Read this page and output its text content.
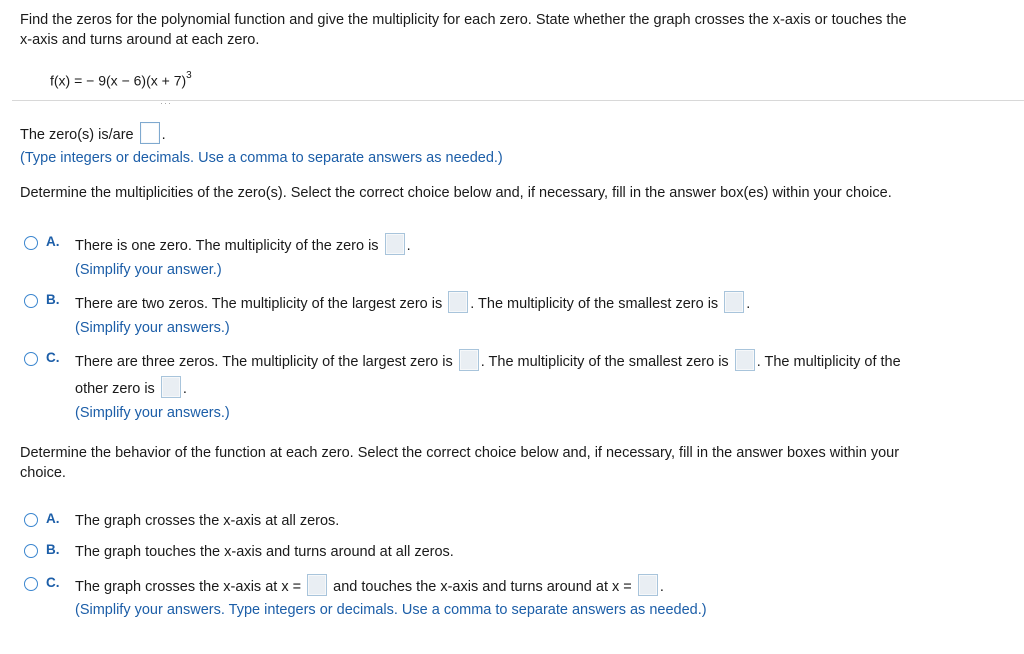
Find the zeros for the polynomial function and give the multiplicity for each zero. State whether the graph crosses the x-axis or touches the
x-axis and turns around at each zero.
f(x) = − $9(x - 6)(x + 7)^3$
···
The zero(s) is/are .
(Type integers or decimals. Use a comma to separate answers as needed.)
Determine the multiplicities of the zero(s). Select the correct choice below and, if necessary, fill in the answer box(es) within your choice.
A. There is one zero. The multiplicity of the zero is .
(Simplify your answer.)
B. There are two zeros. The multiplicity of the largest zero is . The multiplicity of the smallest zero is .
(Simplify your answers.)
C. There are three zeros. The multiplicity of the largest zero is . The multiplicity of the smallest zero is . The multiplicity of the
other zero is .
(Simplify your answers.)
Determine the behavior of the function at each zero. Select the correct choice below and, if necessary, fill in the answer boxes within your
choice.
A. The graph crosses the x-axis at all zeros.
B. The graph touches the x-axis and turns around at all zeros.
C. The graph crosses the x-axis at x = and touches the x-axis and turns around at x = .
(Simplify your answers. Type integers or decimals. Use a comma to separate answers as needed.)
